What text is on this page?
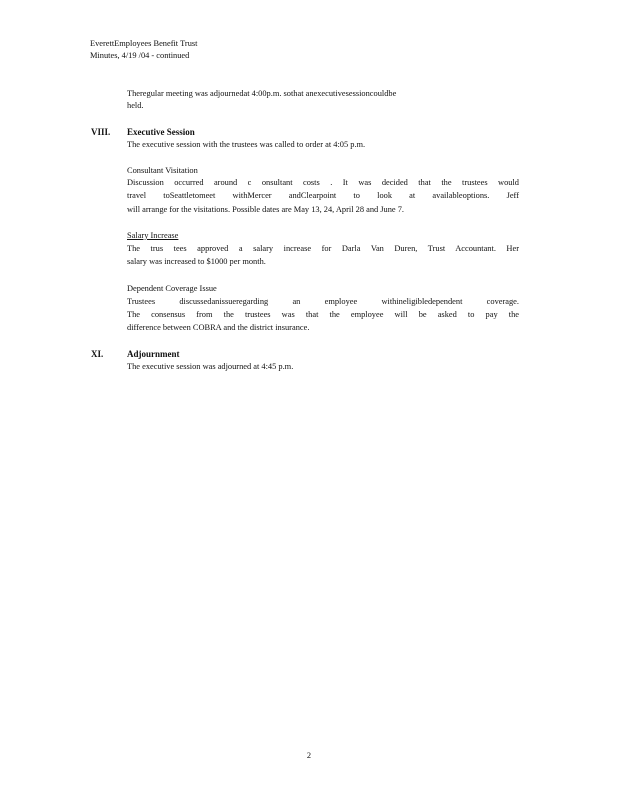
EverettEmployees Benefit Trust
Minutes, 4/19 /04 - continued
Theregular meeting was adjournedat 4:00p.m. sothat anexecutivesessioncouldbe
held.
VIII. Executive Session
The executive session with the trustees was called to order at 4:05 p.m.
Consultant Visitation
Discussion occurred around c onsultant costs . It was decided that the trustees would
travel toSeattletomeet withMercer andClearpoint to look at availableoptions. Jeff
will arrange for the visitations. Possible dates are May 13, 24, April 28 and June 7.
Salary Increase
The trus tees approved a salary increase for Darla Van Duren, Trust Accountant. Her
salary was increased to $1000 per month.
Dependent Coverage Issue
Trustees discussedanissueregarding an employee withineligibledependent coverage.
The consensus from the trustees was that the employee will be asked to pay the
difference between COBRA and the district insurance.
XI.	Adjournment
The executive session was adjourned at 4:45 p.m.
2
